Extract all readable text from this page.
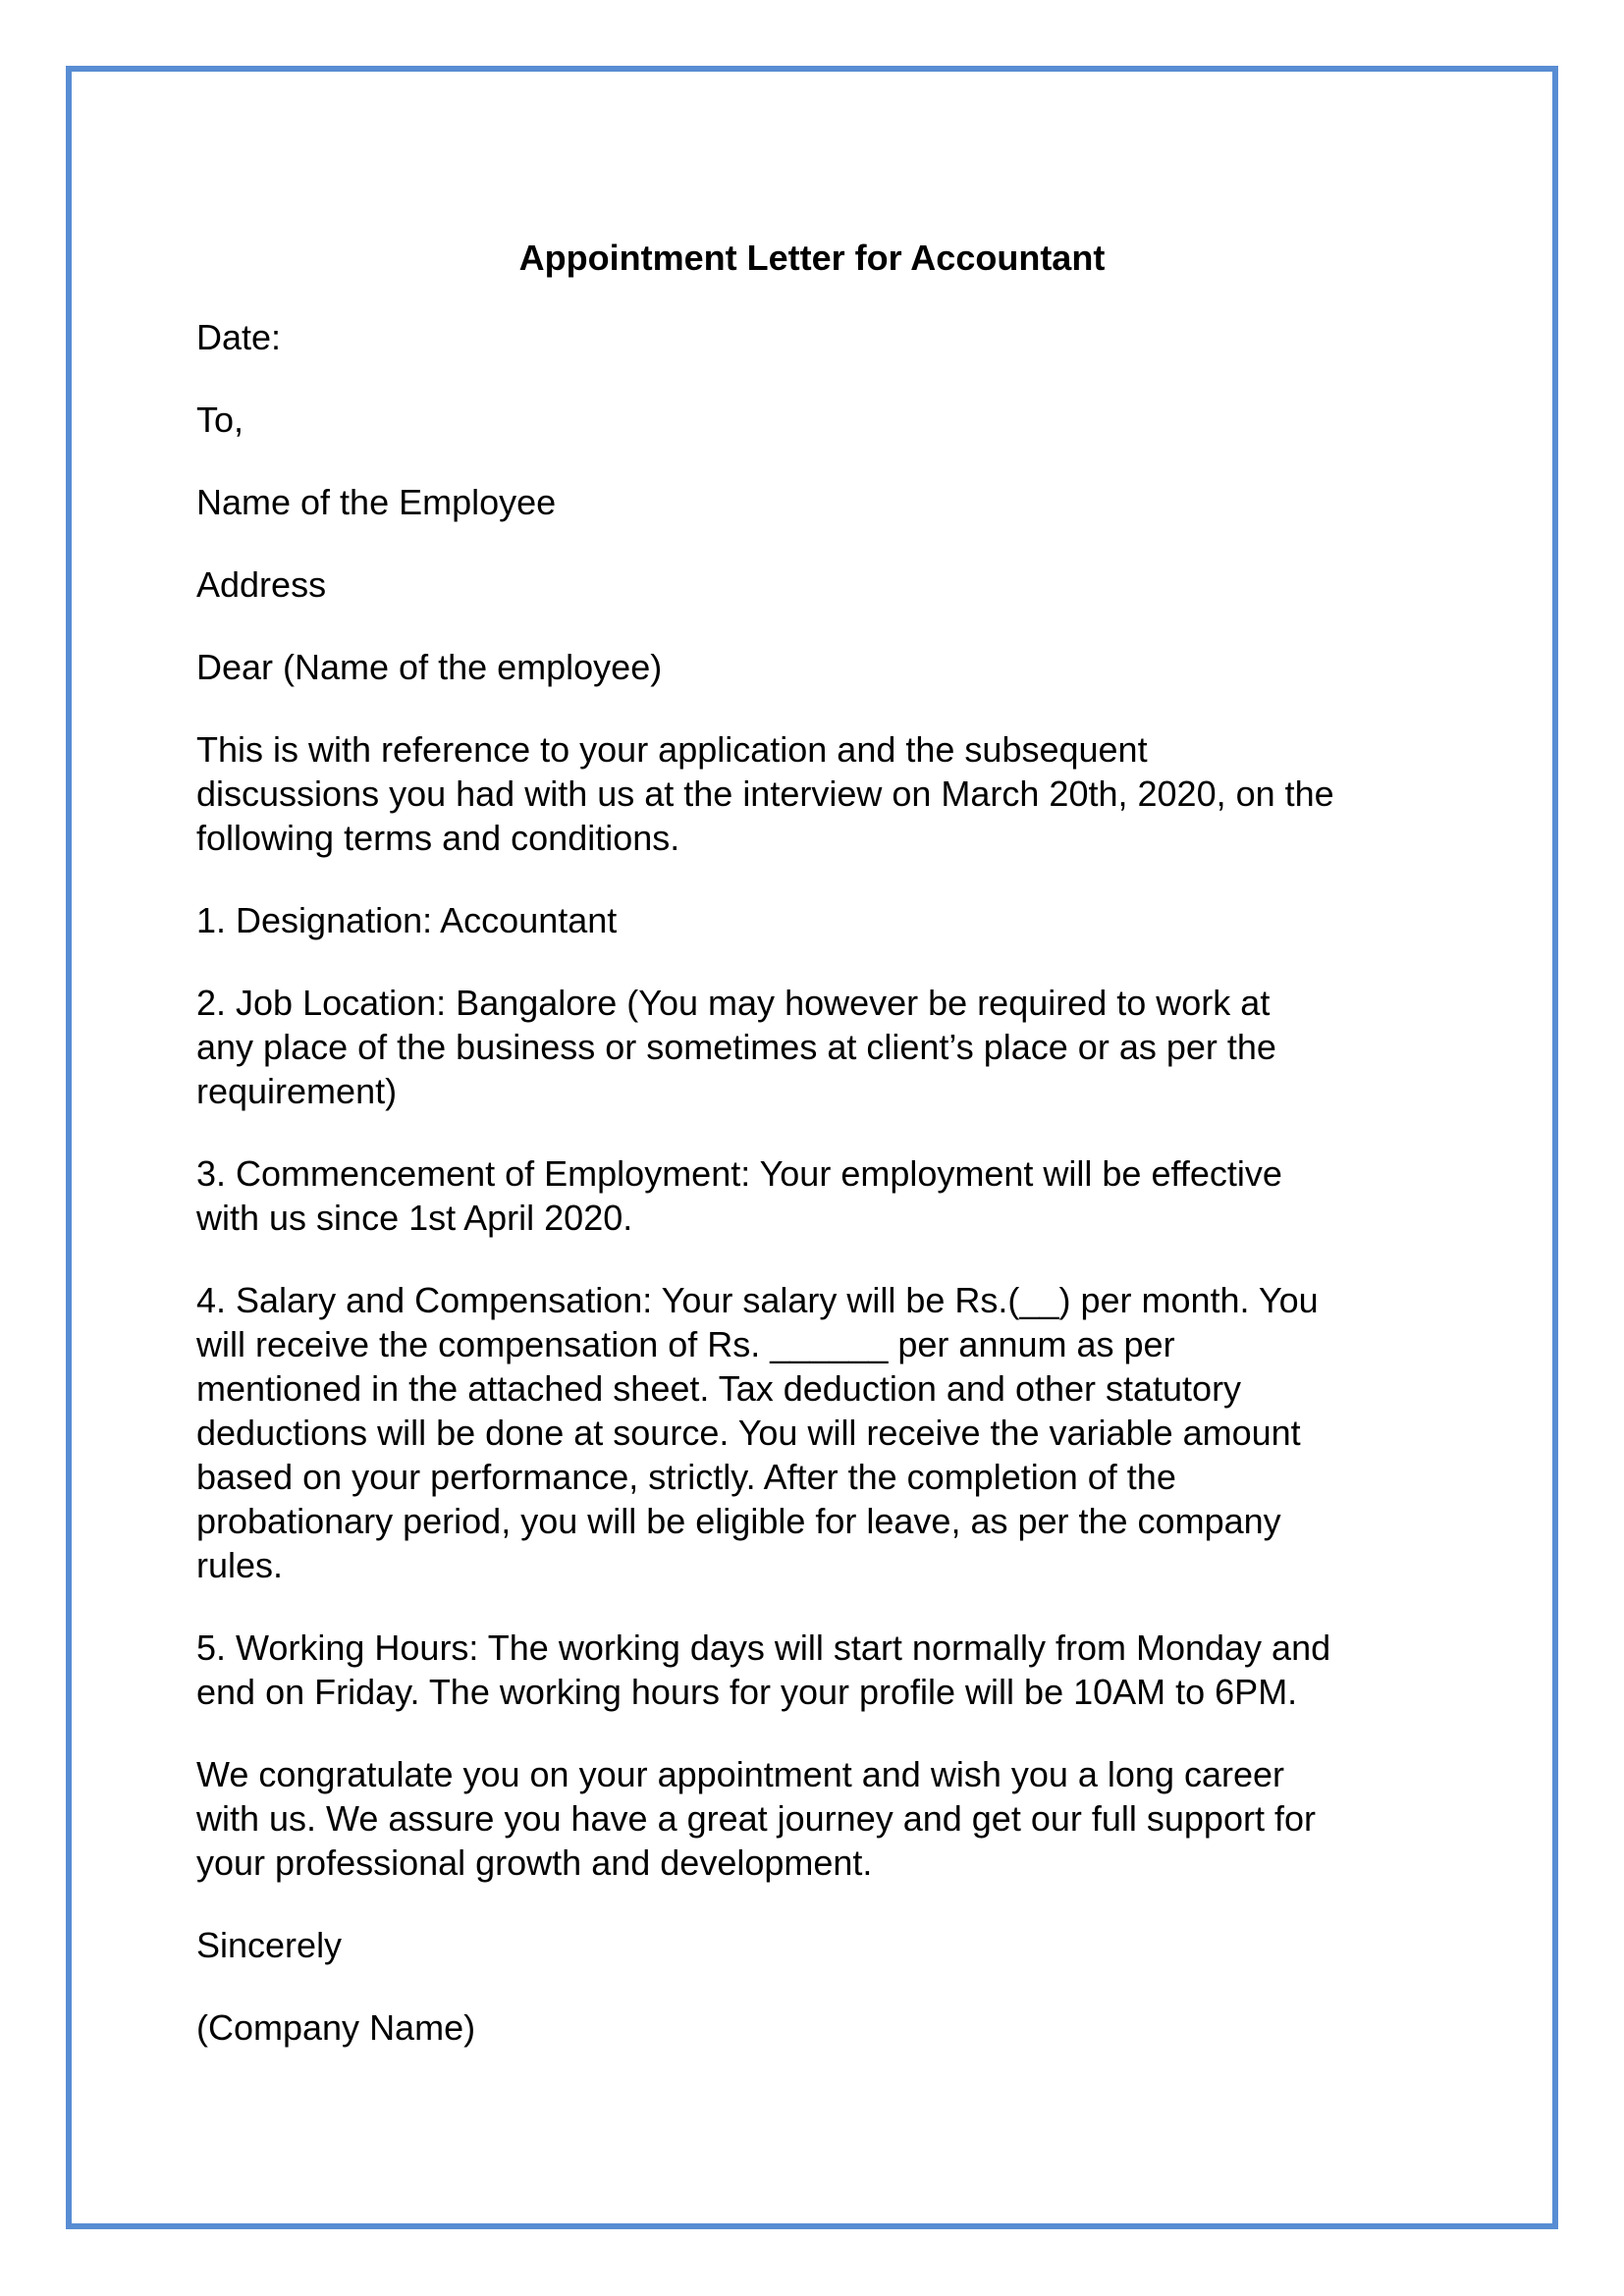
Appointment Letter for Accountant

Date:

To,

Name of the Employee

Address

Dear (Name of the employee)

This is with reference to your application and the subsequent
discussions you had with us at the interview on March 20th, 2020, on the
following terms and conditions.

1. Designation: Accountant

2. Job Location: Bangalore (You may however be required to work at
any place of the business or sometimes at client’s place or as per the
requirement)

3. Commencement of Employment: Your employment will be effective
with us since 1st April 2020.

4. Salary and Compensation: Your salary will be Rs.(__) per month. You
will receive the compensation of Rs. ______ per annum as per
mentioned in the attached sheet. Tax deduction and other statutory
deductions will be done at source. You will receive the variable amount
based on your performance, strictly. After the completion of the
probationary period, you will be eligible for leave, as per the company
rules.

5. Working Hours: The working days will start normally from Monday and
end on Friday. The working hours for your profile will be 10AM to 6PM.

We congratulate you on your appointment and wish you a long career
with us. We assure you have a great journey and get our full support for
your professional growth and development.

Sincerely

(Company Name)
